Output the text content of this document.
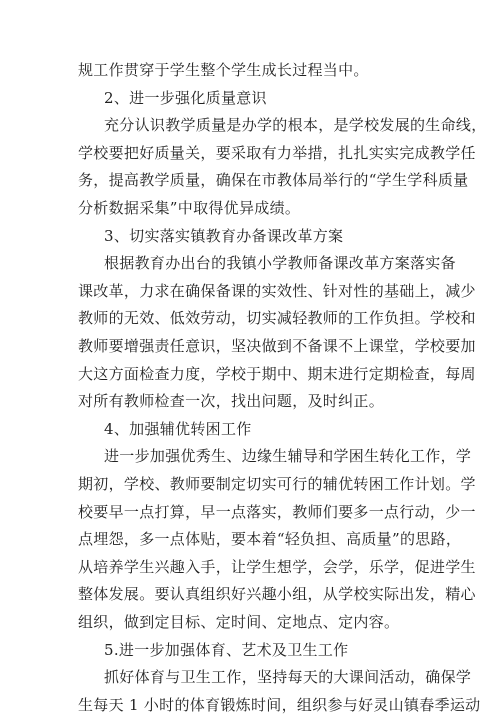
规工作贯穿于学生整个学生成长过程当中。
2、进一步强化质量意识
充分认识教学质量是办学的根本，是学校发展的生命线，
学校要把好质量关，要采取有力举措，扎扎实实完成教学任
务，提高教学质量，确保在市教体局举行的“学生学科质量
分析数据采集”中取得优异成绩。
3、切实落实镇教育办备课改革方案
根据教育办出台的我镇小学教师备课改革方案落实备
课改革，力求在确保备课的实效性、针对性的基础上，减少
教师的无效、低效劳动，切实减轻教师的工作负担。学校和
教师要增强责任意识，坚决做到不备课不上课堂，学校要加
大这方面检查力度，学校于期中、期末进行定期检查，每周
对所有教师检查一次，找出问题，及时纠正。
4、加强辅优转困工作
进一步加强优秀生、边缘生辅导和学困生转化工作，学
期初，学校、教师要制定切实可行的辅优转困工作计划。学
校要早一点打算，早一点落实，教师们要多一点行动，少一
点埋怨，多一点体贴，要本着“轻负担、高质量”的思路，
从培养学生兴趣入手，让学生想学，会学，乐学，促进学生
整体发展。要认真组织好兴趣小组，从学校实际出发，精心
组织，做到定目标、定时间、定地点、定内容。
5.进一步加强体育、艺术及卫生工作
抓好体育与卫生工作，坚持每天的大课间活动，确保学
生每天 1 小时的体育锻炼时间，组织参与好灵山镇春季运动
